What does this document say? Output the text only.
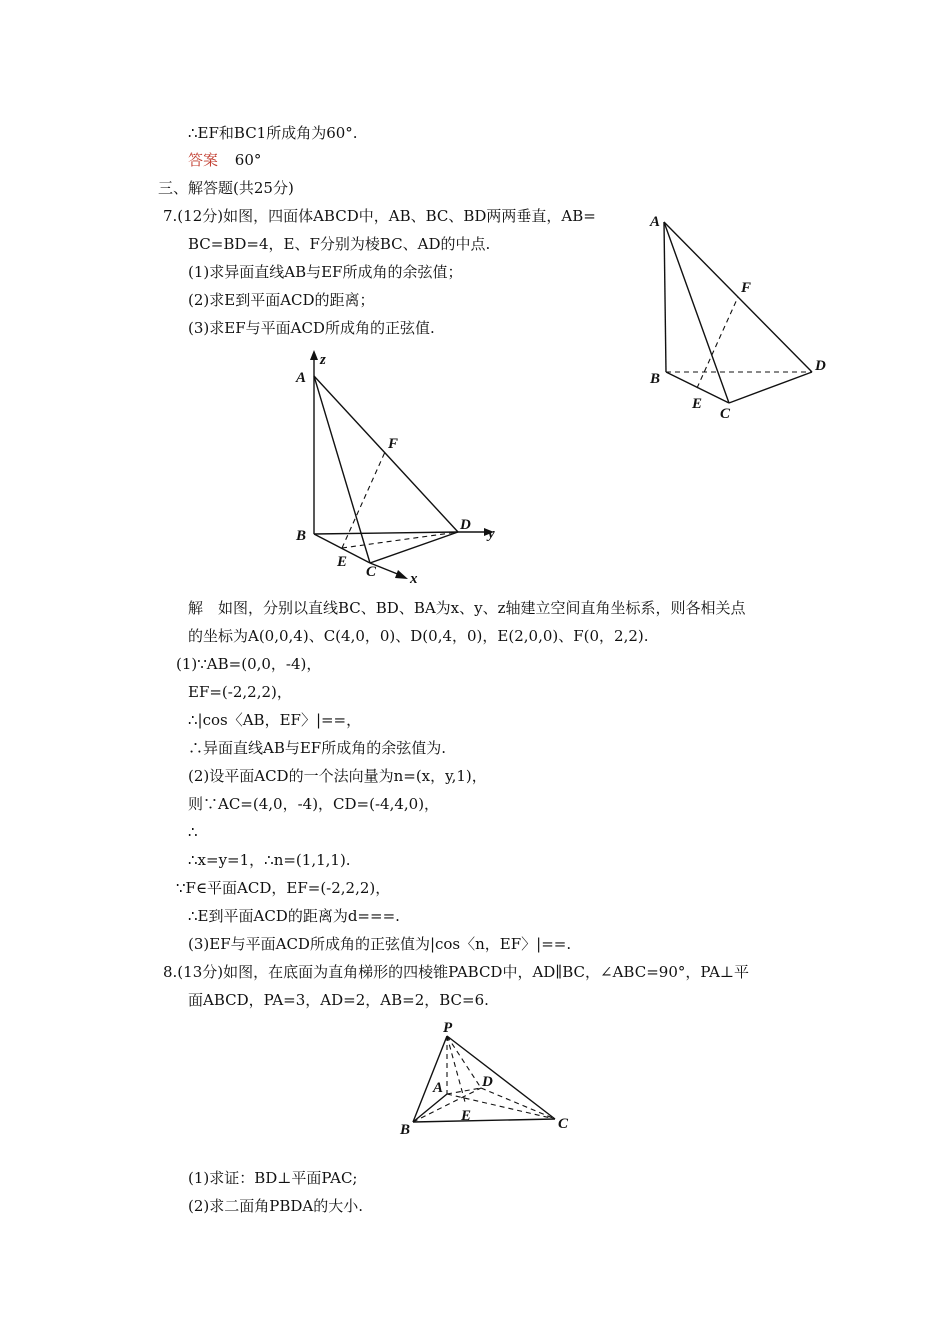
∴EF和BC1所成角为60°.
答案 60°
三、解答题(共25分)
7.(12分)如图，四面体ABCD中，AB、BC、BD两两垂直，AB=
BC=BD=4，E、F分别为棱BC、AD的中点.
(1)求异面直线AB与EF所成角的余弦值；
(2)求E到平面ACD的距离；
(3)求EF与平面ACD所成角的正弦值.
A
B
C
D
E
F
z
A
B
C
D
E
F
x
y
解　如图，分别以直线BC、BD、BA为x、y、z轴建立空间直角坐标系，则各相关点
的坐标为A(0,0,4)、C(4,0，0)、D(0,4，0)，E(2,0,0)、F(0，2,2).
(1)∵AB=(0,0，-4)，
EF=(-2,2,2)，
∴|cos〈AB，EF〉|==，
∴异面直线AB与EF所成角的余弦值为.
(2)设平面ACD的一个法向量为n=(x，y,1)，
则∵AC=(4,0，-4)，CD=(-4,4,0)，
∴
∴x=y=1，∴n=(1,1,1).
∵F∈平面ACD，EF=(-2,2,2)，
∴E到平面ACD的距离为d===.
(3)EF与平面ACD所成角的正弦值为|cos〈n，EF〉|==.
8.(13分)如图，在底面为直角梯形的四棱锥PABCD中，AD∥BC，∠ABC=90°，PA⊥平
面ABCD，PA=3，AD=2，AB=2，BC=6.
P
A
B	C
D
E
(1)求证：BD⊥平面PAC;
(2)求二面角PBDA的大小.
